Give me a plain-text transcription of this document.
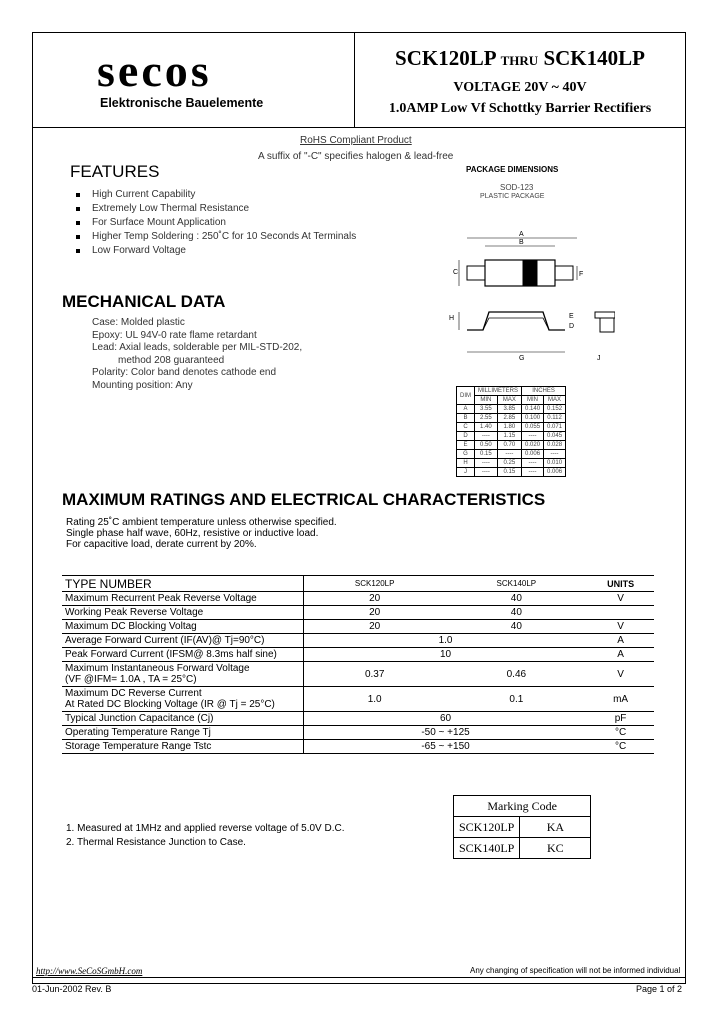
secos
Elektronische Bauelemente
SCK120LP THRU SCK140LP
VOLTAGE 20V ~ 40V
1.0AMP Low Vf Schottky Barrier Rectifiers
RoHS Compliant Product
A suffix of "-C" specifies halogen & lead-free
FEATURES
High Current Capability
Extremely Low Thermal Resistance
For Surface Mount Application
Higher Temp Soldering : 250˚C for 10 Seconds At Terminals
Low Forward Voltage
PACKAGE DIMENSIONS
SOD-123
PLASTIC PACKAGE
A
B
C	F
H	E
D
G	J
MECHANICAL DATA
Case: Molded plastic
Epoxy: UL 94V-0 rate flame retardant
Lead: Axial leads, solderable per MIL-STD-202,
method 208 guaranteed
Polarity: Color band denotes cathode end
Mounting position: Any
DIM	MILLIMETERS		INCHES	
	MIN	MAX	MIN	MAX
A	3.55	3.85	0.140	0.152
B	2.55	2.85	0.100	0.112
C	1.40	1.80	0.055	0.071
D	----	1.15	----	0.045
E	0.50	0.70	0.020	0.028
G	0.15	----	0.006	----
H	----	0.25	----	0.010
J	----	0.15	----	0.006
MAXIMUM RATINGS AND ELECTRICAL CHARACTERISTICS
Rating 25˚C ambient temperature unless otherwise specified.
Single phase half wave, 60Hz, resistive or inductive load.
For capacitive load, derate current by 20%.
TYPE NUMBER	SCK120LP	SCK140LP	UNITS
Maximum Recurrent Peak Reverse Voltage	20	40	V
Working Peak Reverse Voltage	20	40	
Maximum DC Blocking Voltag	20	40	V
Average Forward Current (IF(AV)@ Tj=90°C)	1.0		A
Peak Forward Current (IFSM@ 8.3ms half sine)	10		A

Maximum Instantaneous Forward Voltage
(VF @IFM= 1.0A , TA = 25°C)	0.37	0.46	V

Maximum DC Reverse Current
At Rated DC Blocking Voltage (IR @ Tj = 25°C)	1.0	0.1	mA
Typical Junction Capacitance (Cj)	60		pF
Operating Temperature Range Tj	-50 ~ +125		°C
Storage Temperature Range Tstc	-65 ~ +150		°C
Marking Code	
SCK120LP	KA
SCK140LP	KC
1. Measured at 1MHz and applied reverse voltage of 5.0V D.C.
2. Thermal Resistance Junction to Case.
http://www.SeCoSGmbH.com	Any changing of specification will not be informed individual
01-Jun-2002 Rev. B	Page 1 of 2
